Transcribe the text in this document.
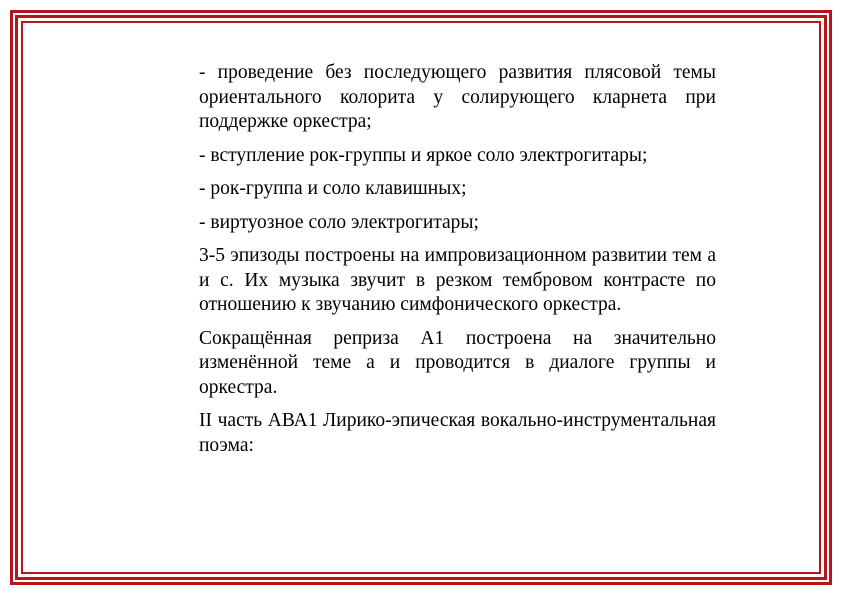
- проведение без последующего развития плясовой темы ориентального колорита у солирующего кларнета при поддержке оркестра;

- вступление рок-группы и яркое соло электрогитары;

- рок-группа и соло клавишных;

- виртуозное соло электрогитары;

3-5 эпизоды построены на импровизационном развитии тем a и c. Их музыка звучит в резком тембровом контрасте по отношению к звучанию симфонического оркестра.

Сокращённая реприза А1 построена на значительно изменённой теме a и проводится в диалоге группы и оркестра.

II часть АВА1 Лирико-эпическая вокально-инструментальная поэма:
